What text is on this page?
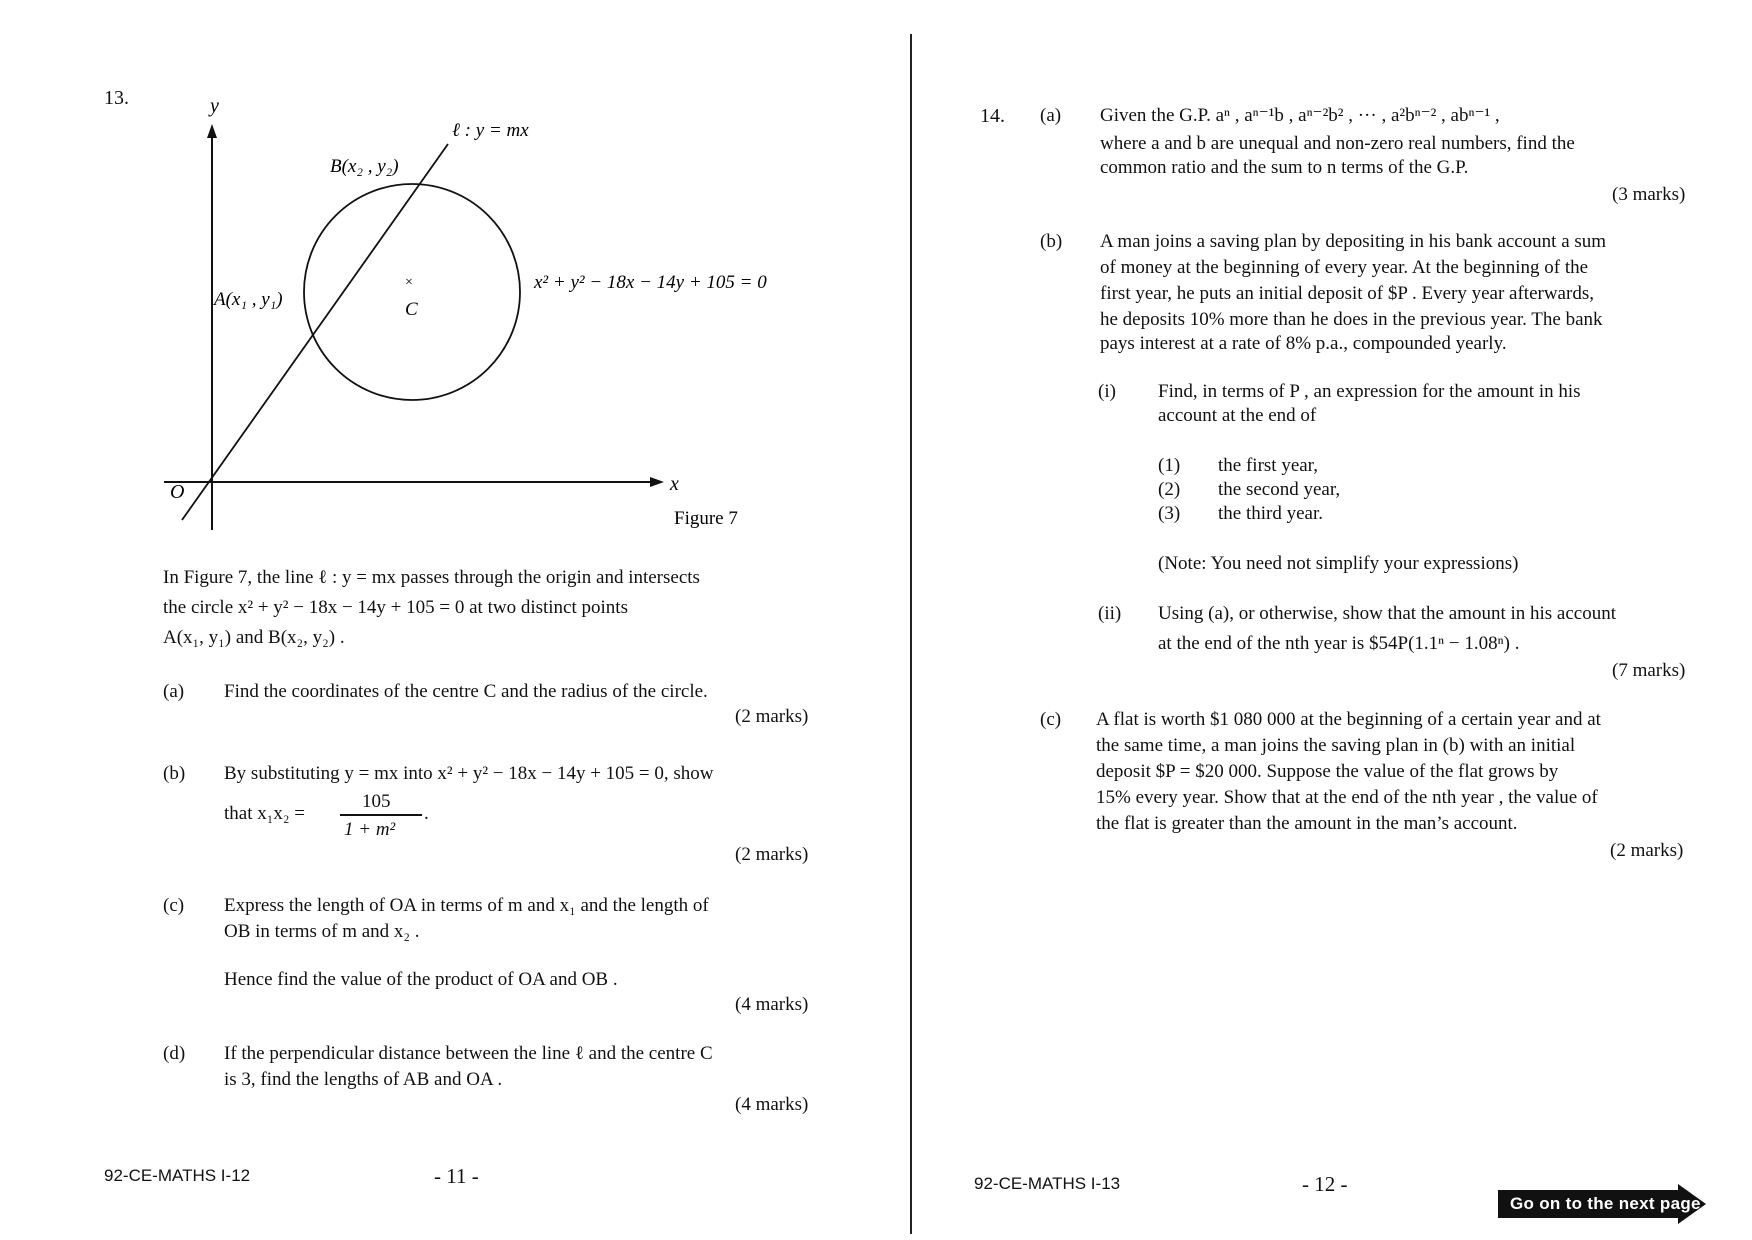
13.	y
x
O
ℓ : y = mx
B(x₂ , y₂)
A(x₁ , y₁)
×
C
x² + y² − 18x − 14y + 105 = 0
Figure 7
In Figure 7, the line ℓ : y = mx passes through the origin and intersects
the circle x² + y² − 18x − 14y + 105 = 0 at two distinct points
A(x₁, y₁) and B(x₂, y₂) .
(a) Find the coordinates of the centre C and the radius of the circle.
(2 marks)
(b) By substituting y = mx into x² + y² − 18x − 14y + 105 = 0, show
that x₁x₂ =
105
1 + m²
.
(2 marks)
(c) Express the length of OA in terms of m and x₁ and the length of
OB in terms of m and x₂ .
Hence find the value of the product of OA and OB .
(4 marks)
(d) If the perpendicular distance between the line ℓ and the centre C
is 3, find the lengths of AB and OA .
(4 marks)
92-CE-MATHS I-12	- 11 -
14. (a) Given the G.P. aⁿ , aⁿ⁻¹b , aⁿ⁻²b² , ··· , a²bⁿ⁻² , abⁿ⁻¹ ,
where a and b are unequal and non-zero real numbers, find the
common ratio and the sum to n terms of the G.P.
(3 marks)
(b) A man joins a saving plan by depositing in his bank account a sum
of money at the beginning of every year. At the beginning of the
first year, he puts an initial deposit of $P . Every year afterwards,
he deposits 10% more than he does in the previous year. The bank
pays interest at a rate of 8% p.a., compounded yearly.
(i) Find, in terms of P , an expression for the amount in his
account at the end of
(1) the first year,
(2) the second year,
(3) the third year.
(Note: You need not simplify your expressions)
(ii) Using (a), or otherwise, show that the amount in his account
at the end of the nth year is $54P(1.1ⁿ − 1.08ⁿ) .
(7 marks)
(c) A flat is worth $1 080 000 at the beginning of a certain year and at
the same time, a man joins the saving plan in (b) with an initial
deposit $P = $20 000. Suppose the value of the flat grows by
15% every year. Show that at the end of the nth year , the value of
the flat is greater than the amount in the man’s account.
(2 marks)
92-CE-MATHS I-13	- 12 -
Go on to the next page
